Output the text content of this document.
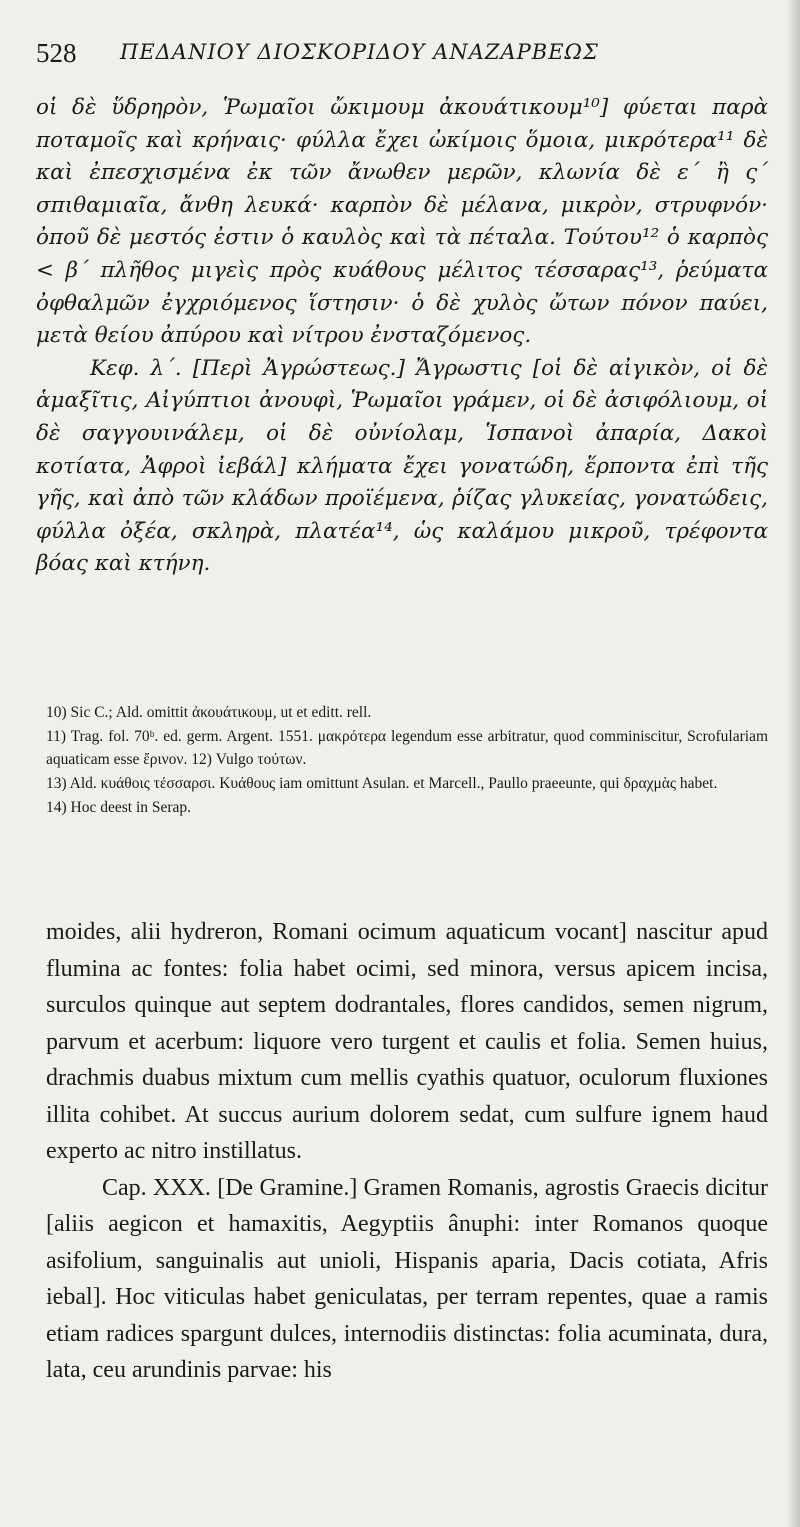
528 ΠΕΔΑΝΙΟΥ ΔΙΟΣΚΟΡΙΔΟΥ ΑΝΑΖΑΡΒΕΩΣ

οἱ δὲ ὕδρηρὸν, Ῥωμαῖοι ὤκιμουμ ἀκουάτικουμ¹⁰] φύεται παρὰ ποταμοῖς καὶ κρήναις· φύλλα ἔχει ὠκίμοις ὅμοια, μικρότερα¹¹ δὲ καὶ ἐπεσχισμένα ἐκ τῶν ἄνωθεν μερῶν, κλωνία δὲ ε΄ ἢ ς΄ σπιθαμιαῖα, ἄνθη λευκά· καρπὸν δὲ μέλανα, μικρὸν, στρυφνόν· ὀποῦ δὲ μεστός ἐστιν ὁ καυλὸς καὶ τὰ πέταλα. Τούτου¹² ὁ καρπὸς < β΄ πλῆθος μιγεὶς πρὸς κυάθους μέλιτος τέσσαρας¹³, ῥεύματα ὀφθαλμῶν ἐγχριόμενος ἵστησιν· ὁ δὲ χυλὸς ὤτων πόνον παύει, μετὰ θείου ἀπύρου καὶ νίτρου ἐνσταζόμενος.

Κεφ. λ΄. [Περὶ Ἀγρώστεως.] Ἄγρωστις [οἱ δὲ αἰγικὸν, οἱ δὲ ἁμαξῖτις, Αἰγύπτιοι ἀνουφὶ, Ῥωμαῖοι γράμεν, οἱ δὲ ἀσιφόλιουμ, οἱ δὲ σαγγουινάλεμ, οἱ δὲ οὐνίολαμ, Ἱσπανοὶ ἀπαρία, Δακοὶ κοτίατα, Ἀφροὶ ἰεβάλ] κλήματα ἔχει γονατώδη, ἕρποντα ἐπὶ τῆς γῆς, καὶ ἀπὸ τῶν κλάδων προϊέμενα, ῥίζας γλυκείας, γονατώδεις, φύλλα ὀξέα, σκληρὰ, πλατέα¹⁴, ὡς καλάμου μικροῦ, τρέφοντα βόας καὶ κτήνη.

10) Sic C.; Ald. omittit ἀκουάτικουμ, ut et editt. rell.

11) Trag. fol. 70ᵇ. ed. germ. Argent. 1551. μακρότερα legendum esse arbitratur, quod comminiscitur, Scrofulariam aquaticam esse ἔρινον. 12) Vulgo τούτων.

13) Ald. κυάθοις τέσσαρσι. Κυάθους iam omittunt Asulan. et Marcell., Paullo praeeunte, qui δραχμὰς habet.

14) Hoc deest in Serap.

moides, alii hydreron, Romani ocimum aquaticum vocant] nascitur apud flumina ac fontes: folia habet ocimi, sed minora, versus apicem incisa, surculos quinque aut septem dodrantales, flores candidos, semen nigrum, parvum et acerbum: liquore vero turgent et caulis et folia. Semen huius, drachmis duabus mixtum cum mellis cyathis quatuor, oculorum fluxiones illita cohibet. At succus aurium dolorem sedat, cum sulfure ignem haud experto ac nitro instillatus.

Cap. XXX. [De Gramine.] Gramen Romanis, agrostis Graecis dicitur [aliis aegicon et hamaxitis, Aegyptiis ânuphi: inter Romanos quoque asifolium, sanguinalis aut unioli, Hispanis aparia, Dacis cotiata, Afris iebal]. Hoc viticulas habet geniculatas, per terram repentes, quae a ramis etiam radices spargunt dulces, internodiis distinctas: folia acuminata, dura, lata, ceu arundinis parvae: his
